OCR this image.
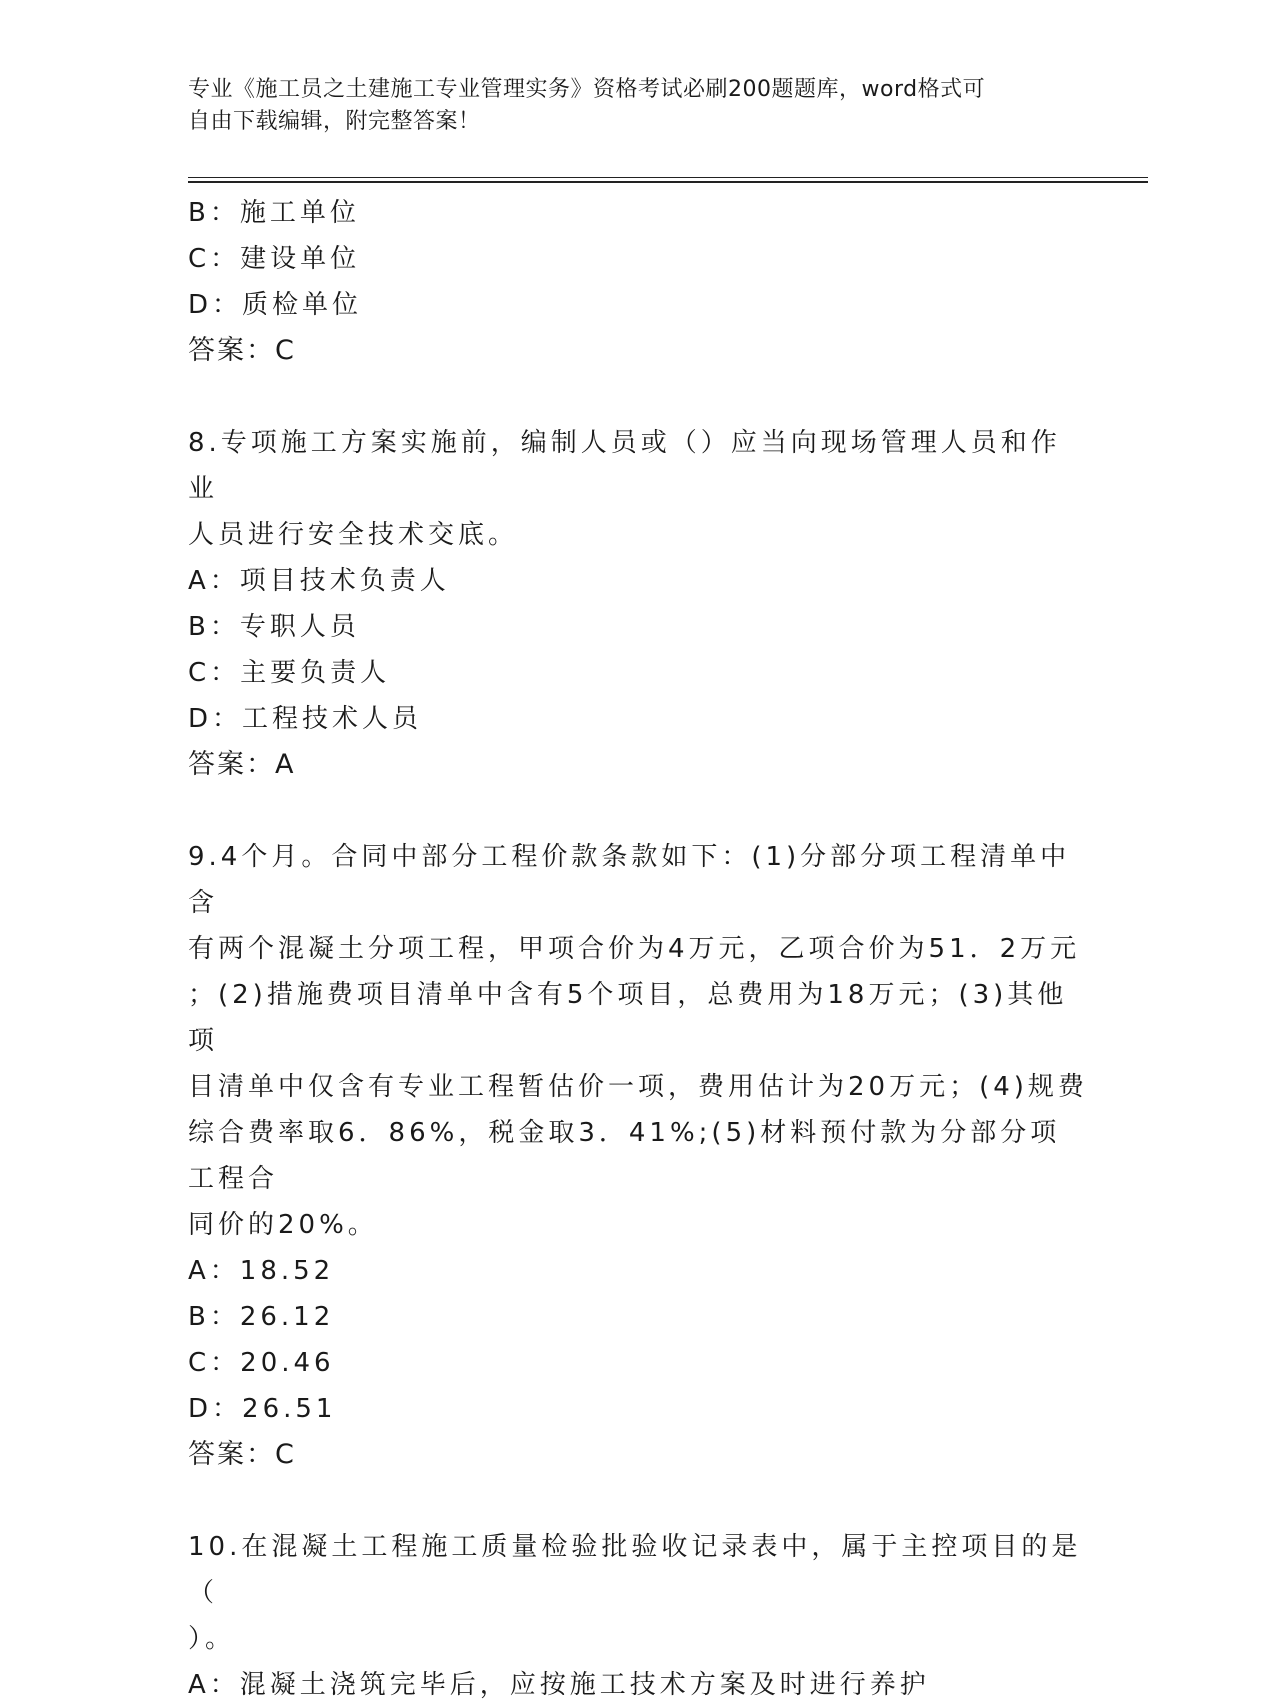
专业《施工员之土建施工专业管理实务》资格考试必刷200题题库，word格式可
自由下载编辑，附完整答案！
B：施工单位
C：建设单位
D：质检单位
答案：C
8.专项施工方案实施前，编制人员或（）应当向现场管理人员和作业
人员进行安全技术交底。
A：项目技术负责人
B：专职人员
C：主要负责人
D：工程技术人员
答案：A
9.4个月。合同中部分工程价款条款如下：(1)分部分项工程清单中含
有两个混凝土分项工程，甲项合价为4万元，乙项合价为51．2万元
；(2)措施费项目清单中含有5个项目，总费用为18万元；(3)其他项
目清单中仅含有专业工程暂估价一项，费用估计为20万元；(4)规费
综合费率取6．86%，税金取3．41%;(5)材料预付款为分部分项工程合
同价的20%。
A：18.52
B：26.12
C：20.46
D：26.51
答案：C
10.在混凝土工程施工质量检验批验收记录表中，属于主控项目的是（
）。
A：混凝土浇筑完毕后，应按施工技术方案及时进行养护
